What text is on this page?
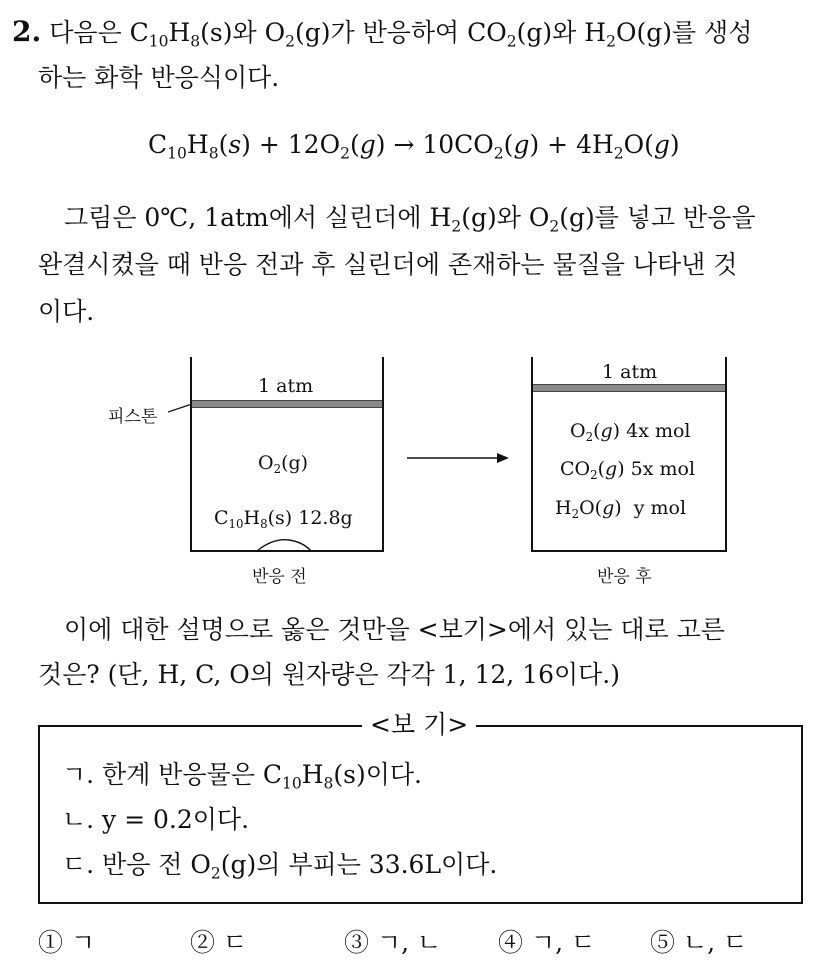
2. 다음은 $C_{10}H_8(s)$와 $O_2(g)$가 반응하여 $CO_2(g)$와 $H_2O(g)$를 생성
하는 화학 반응식이다.
$C_{10}H_8(s) + 12O_2(g) \to 10CO_2(g) + 4H_2O(g)$
그림은 0℃, 1atm에서 실린더에 $H_2(g)$와 $O_2(g)$를 넣고 반응을
완결시켰을 때 반응 전과 후 실린더에 존재하는 물질을 나타낸 것
이다.
1 atm
피스톤
$O_2(g)$
$C_{10}H_8(s)$ 12.8g
반응 전
1 atm
$O_2(g)$ 4x mol
$CO_2(g)$ 5x mol
$H_2O(g)$  y mol
반응 후
이에 대한 설명으로 옳은 것만을 <보기>에서 있는 대로 고른
것은? (단, H, C, O의 원자량은 각각 1, 12, 16이다.)
<보 기>
ㄱ. 한계 반응물은 $C_{10}H_8(s)$이다.
ㄴ. y = 0.2이다.
ㄷ. 반응 전 $O_2(g)$의 부피는 33.6L이다.
① ㄱ	② ㄷ	③ ㄱ, ㄴ ④ ㄱ, ㄷ ⑤ ㄴ, ㄷ
